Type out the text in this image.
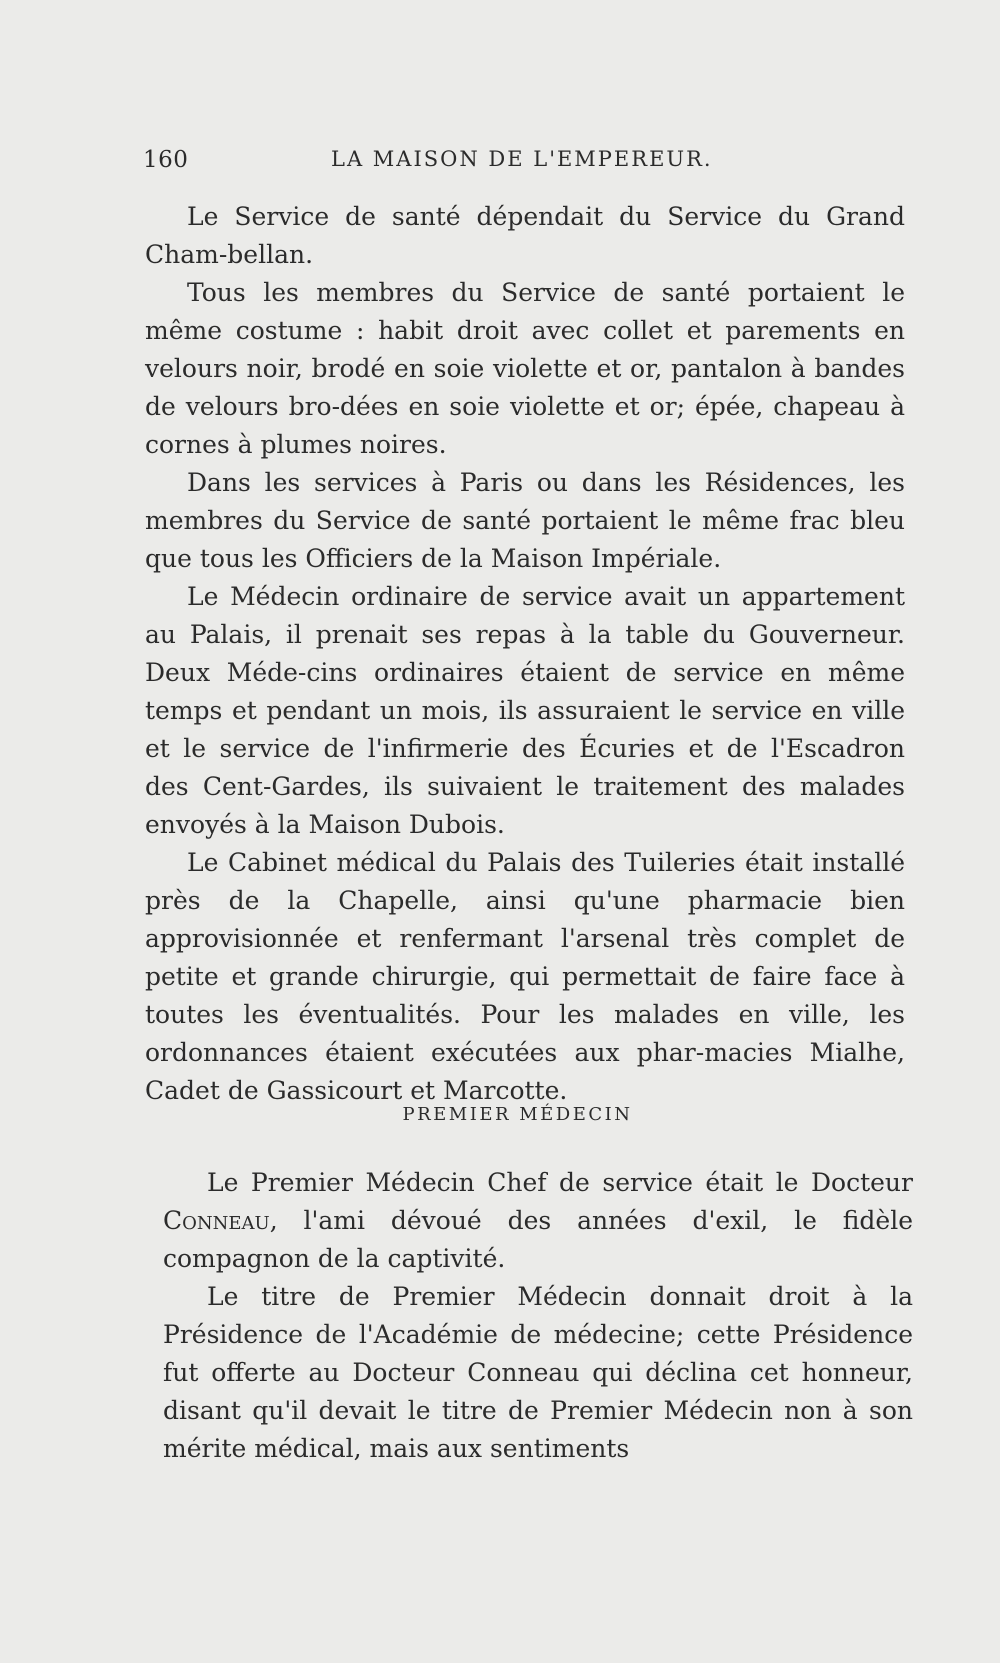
160	LA MAISON DE L'EMPEREUR.

Le Service de santé dépendait du Service du Grand Cham-bellan.

Tous les membres du Service de santé portaient le même costume : habit droit avec collet et parements en velours noir, brodé en soie violette et or, pantalon à bandes de velours bro-dées en soie violette et or; épée, chapeau à cornes à plumes noires.

Dans les services à Paris ou dans les Résidences, les membres du Service de santé portaient le même frac bleu que tous les Officiers de la Maison Impériale.

Le Médecin ordinaire de service avait un appartement au Palais, il prenait ses repas à la table du Gouverneur. Deux Méde-cins ordinaires étaient de service en même temps et pendant un mois, ils assuraient le service en ville et le service de l'infirmerie des Écuries et de l'Escadron des Cent-Gardes, ils suivaient le traitement des malades envoyés à la Maison Dubois.

Le Cabinet médical du Palais des Tuileries était installé près de la Chapelle, ainsi qu'une pharmacie bien approvisionnée et renfermant l'arsenal très complet de petite et grande chirurgie, qui permettait de faire face à toutes les éventualités. Pour les malades en ville, les ordonnances étaient exécutées aux phar-macies Mialhe, Cadet de Gassicourt et Marcotte.

PREMIER MÉDECIN

Le Premier Médecin Chef de service était le Docteur Conneau, l'ami dévoué des années d'exil, le fidèle compagnon de la captivité.

Le titre de Premier Médecin donnait droit à la Présidence de l'Académie de médecine; cette Présidence fut offerte au Docteur Conneau qui déclina cet honneur, disant qu'il devait le titre de Premier Médecin non à son mérite médical, mais aux sentiments
